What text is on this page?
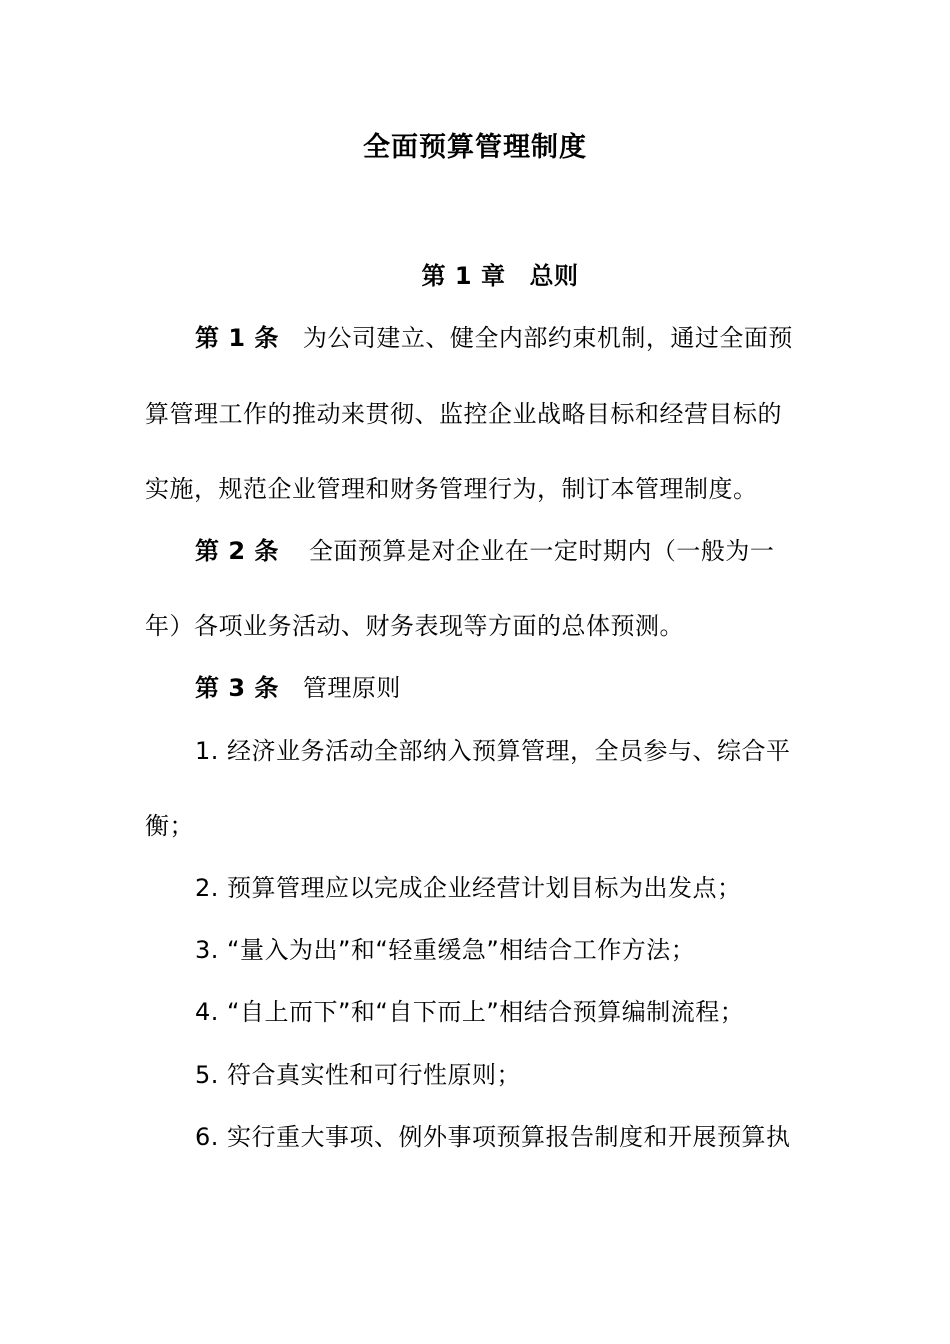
全面预算管理制度
第 1 章 总则
第 1 条 为公司建立、健全内部约束机制，通过全面预
算管理工作的推动来贯彻、监控企业战略目标和经营目标的
实施，规范企业管理和财务管理行为，制订本管理制度。
第 2 条 全面预算是对企业在一定时期内（一般为一
年）各项业务活动、财务表现等方面的总体预测。
第 3 条 管理原则
1. 经济业务活动全部纳入预算管理，全员参与、综合平
衡；
2. 预算管理应以完成企业经营计划目标为出发点；
3. “量入为出”和“轻重缓急”相结合工作方法；
4. “自上而下”和“自下而上”相结合预算编制流程；
5. 符合真实性和可行性原则；
6. 实行重大事项、例外事项预算报告制度和开展预算执
